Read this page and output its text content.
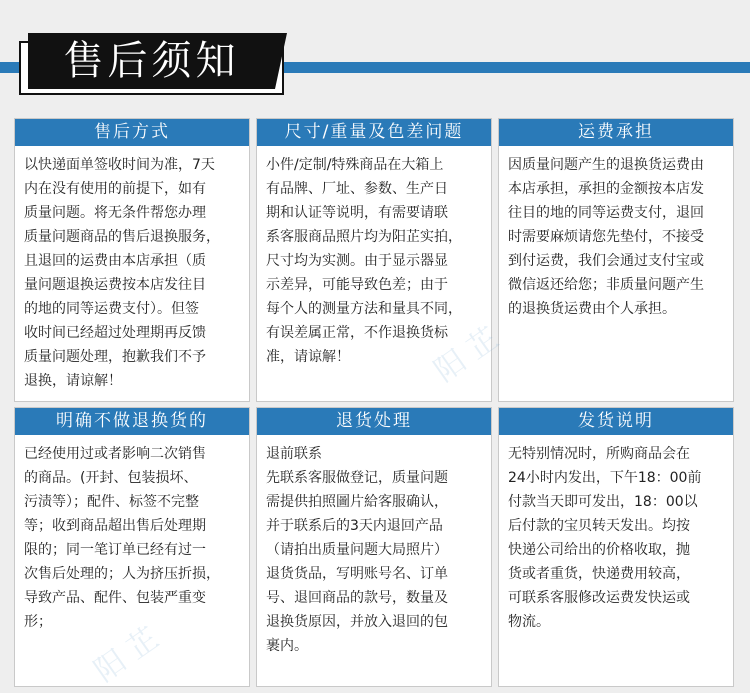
售后须知
售后方式
以快递面单签收时间为准，7天
内在没有使用的前提下，如有
质量问题。将无条件帮您办理
质量问题商品的售后退换服务，
且退回的运费由本店承担（质
量问题退换运费按本店发往目
的地的同等运费支付）。但签
收时间已经超过处理期再反馈
质量问题处理，抱歉我们不予
退换，请谅解！
尺寸/重量及色差问题
小件/定制/特殊商品在大箱上
有品牌、厂址、参数、生产日
期和认证等说明，有需要请联
系客服商品照片均为阳芷实拍，
尺寸均为实测。由于显示器显
示差异，可能导致色差；由于
每个人的测量方法和量具不同，
有误差属正常，不作退换货标
准，请谅解！
运费承担
因质量问题产生的退换货运费由
本店承担，承担的金额按本店发
往目的地的同等运费支付，退回
时需要麻烦请您先垫付，不接受
到付运费，我们会通过支付宝或
微信返还给您；非质量问题产生
的退换货运费由个人承担。
明确不做退换货的
已经使用过或者影响二次销售
的商品。(开封、包装损坏、
污渍等）；配件、标签不完整
等；收到商品超出售后处理期
限的；同一笔订单已经有过一
次售后处理的；人为挤压折损，
导致产品、配件、包装严重变
形；
退货处理
退前联系
先联系客服做登记，质量问题
需提供拍照圖片給客服确认，
并于联系后的3天内退回产品
（请拍出质量问题大局照片）
退货货品，写明账号名、订单
号、退回商品的款号，数量及
退换货原因，并放入退回的包
裹内。
发货说明
无特别情况时，所购商品会在
24小时内发出，下午18：00前
付款当天即可发出，18：00以
后付款的宝贝转天发出。均按
快递公司给出的价格收取，抛
货或者重货，快递费用较高，
可联系客服修改运费发快运或
物流。
